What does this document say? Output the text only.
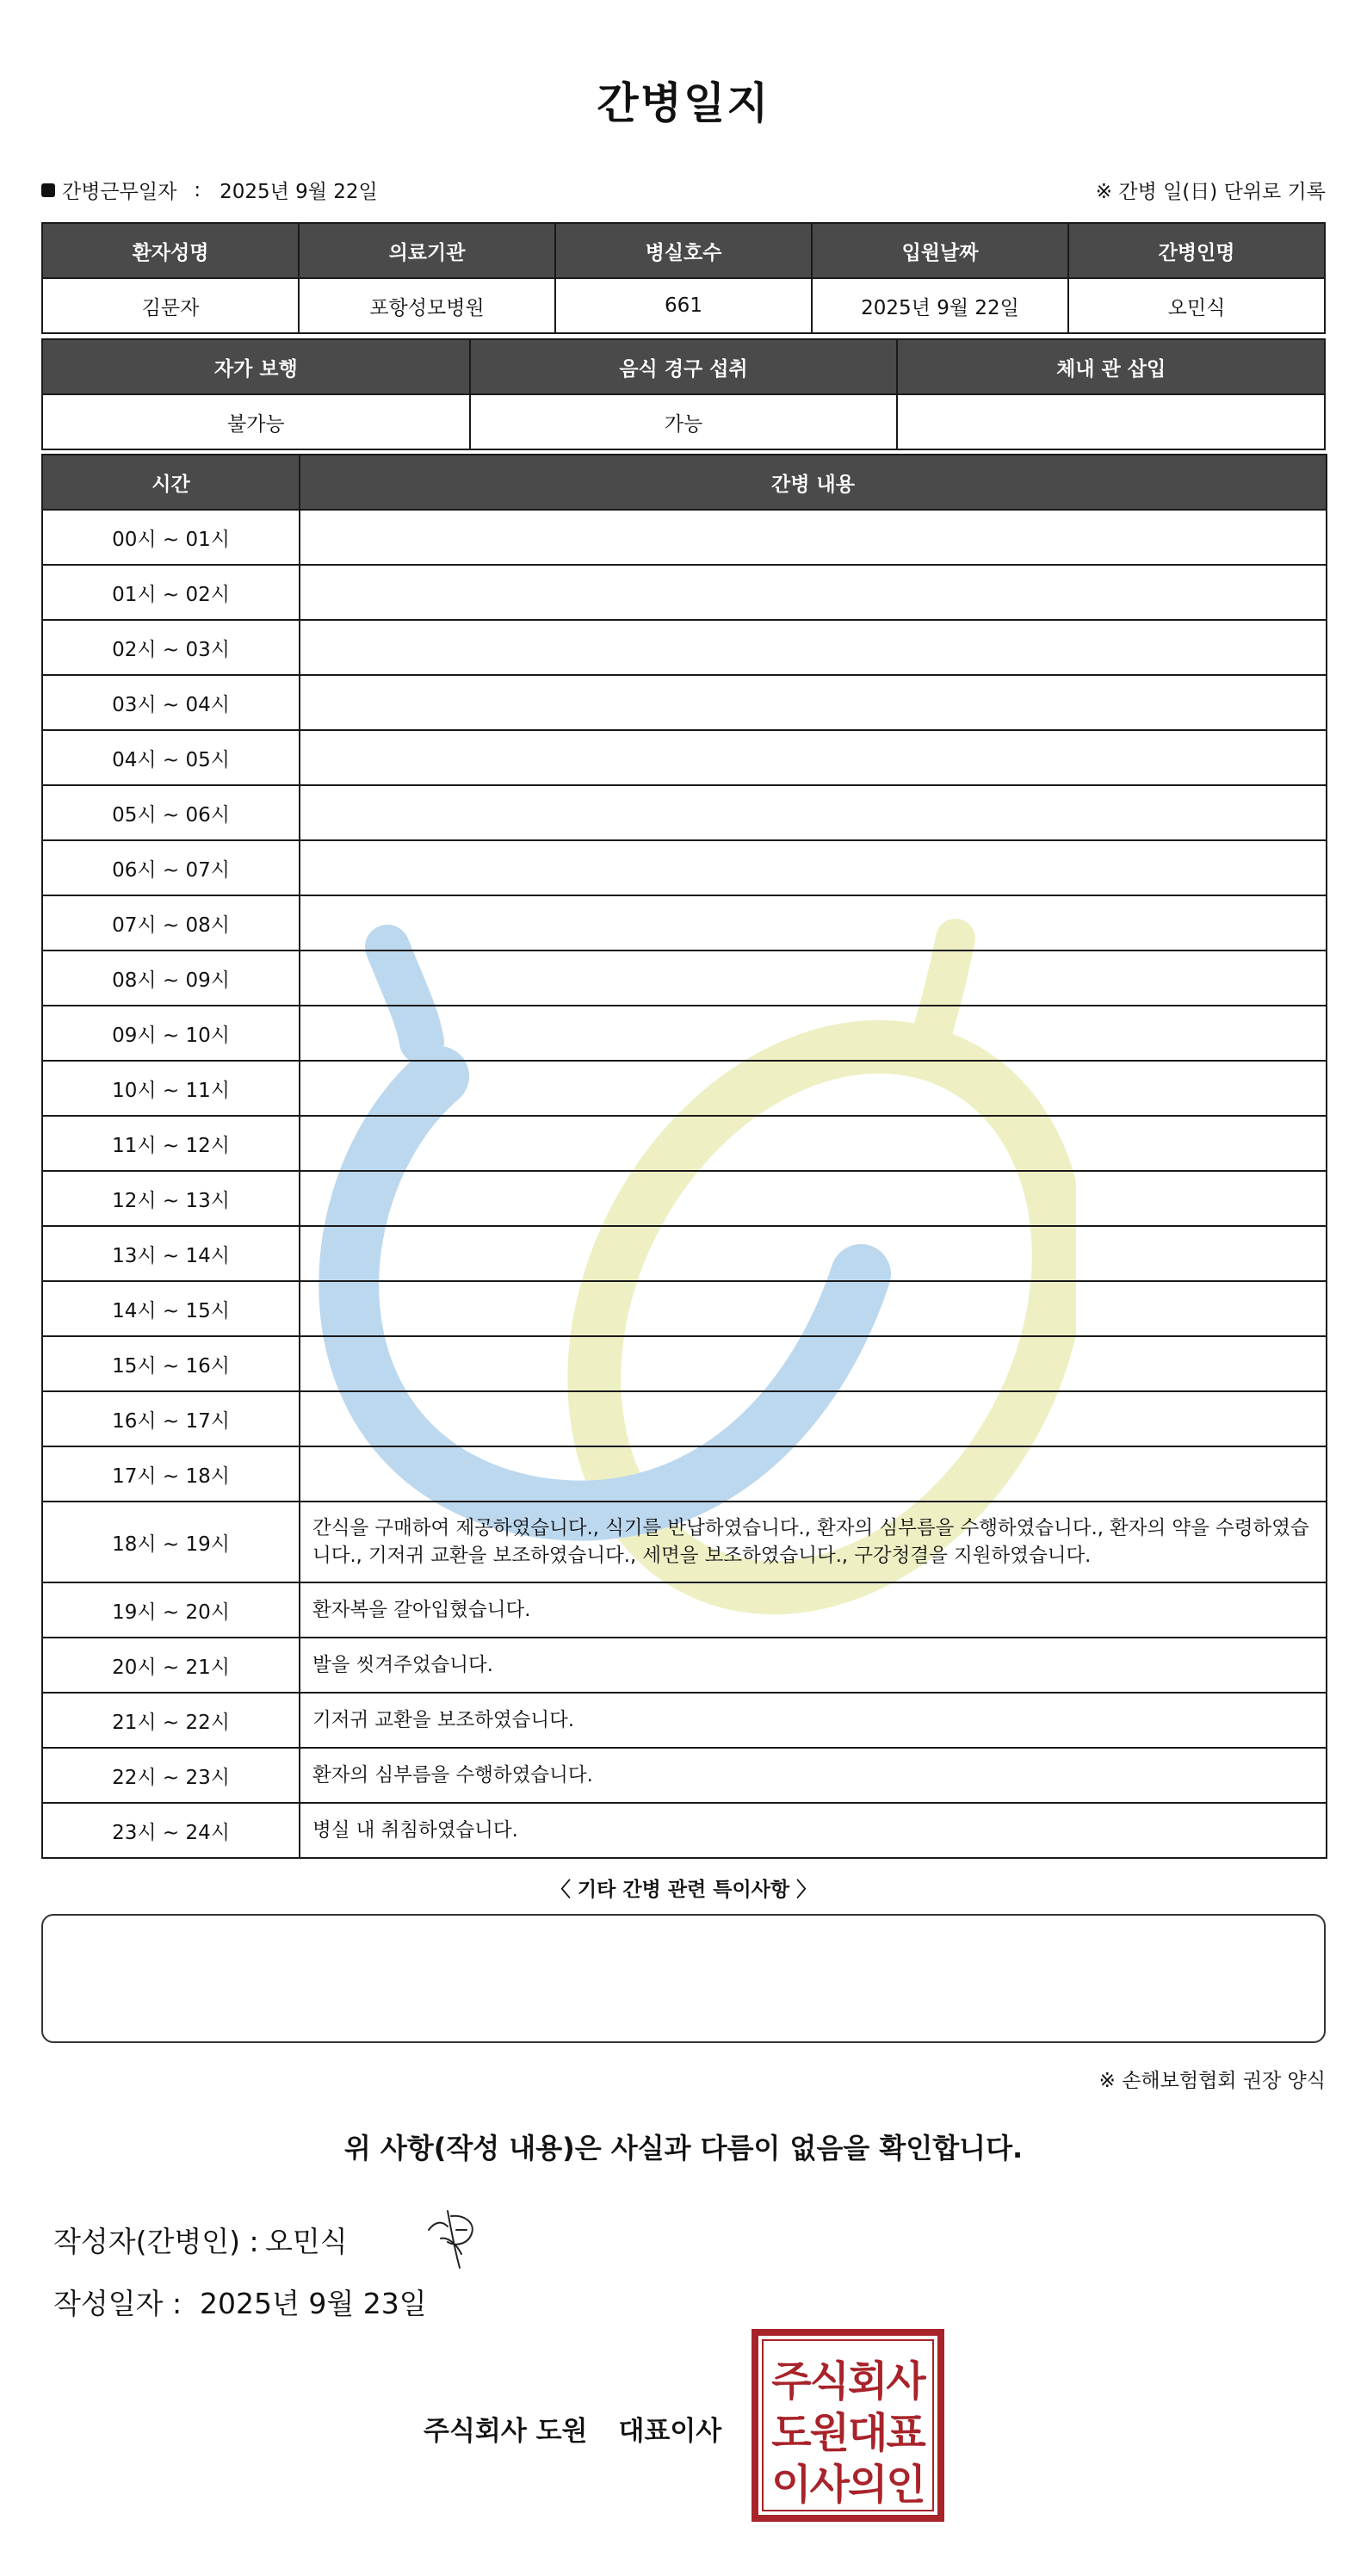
간병일지
간병근무일자 : 2025년 9월 22일	※ 간병 일(日) 단위로 기록
환자성명	의료기관	병실호수	입원날짜	간병인명
김문자	포항성모병원	661	2025년 9월 22일	오민식
자가 보행	음식 경구 섭취	체내 관 삽입
불가능	가능	
시간	간병 내용
00시 ~ 01시	
01시 ~ 02시	
02시 ~ 03시	
03시 ~ 04시	
04시 ~ 05시	
05시 ~ 06시	
06시 ~ 07시	
07시 ~ 08시	
08시 ~ 09시	
09시 ~ 10시	
10시 ~ 11시	
11시 ~ 12시	
12시 ~ 13시	
13시 ~ 14시	
14시 ~ 15시	
15시 ~ 16시	
16시 ~ 17시	
17시 ~ 18시	
18시 ~ 19시	간식을 구매하여 제공하였습니다., 식기를 반납하였습니다., 환자의 심부름을 수행하였습니다., 환자의 약을 수령하였습니다., 기저귀 교환을 보조하였습니다., 세면을 보조하였습니다., 구강청결을 지원하였습니다.
19시 ~ 20시	환자복을 갈아입혔습니다.
20시 ~ 21시	발을 씻겨주었습니다.
21시 ~ 22시	기저귀 교환을 보조하였습니다.
22시 ~ 23시	환자의 심부름을 수행하였습니다.
23시 ~ 24시	병실 내 취침하였습니다.
〈 기타 간병 관련 특이사항 〉
※ 손해보험협회 권장 양식
위 사항(작성 내용)은 사실과 다름이 없음을 확인합니다.
작성자(간병인) : 오민식
작성일자 : 2025년 9월 23일
주식회사 도원 대표이사
주식회사
도원대표
이사의인
